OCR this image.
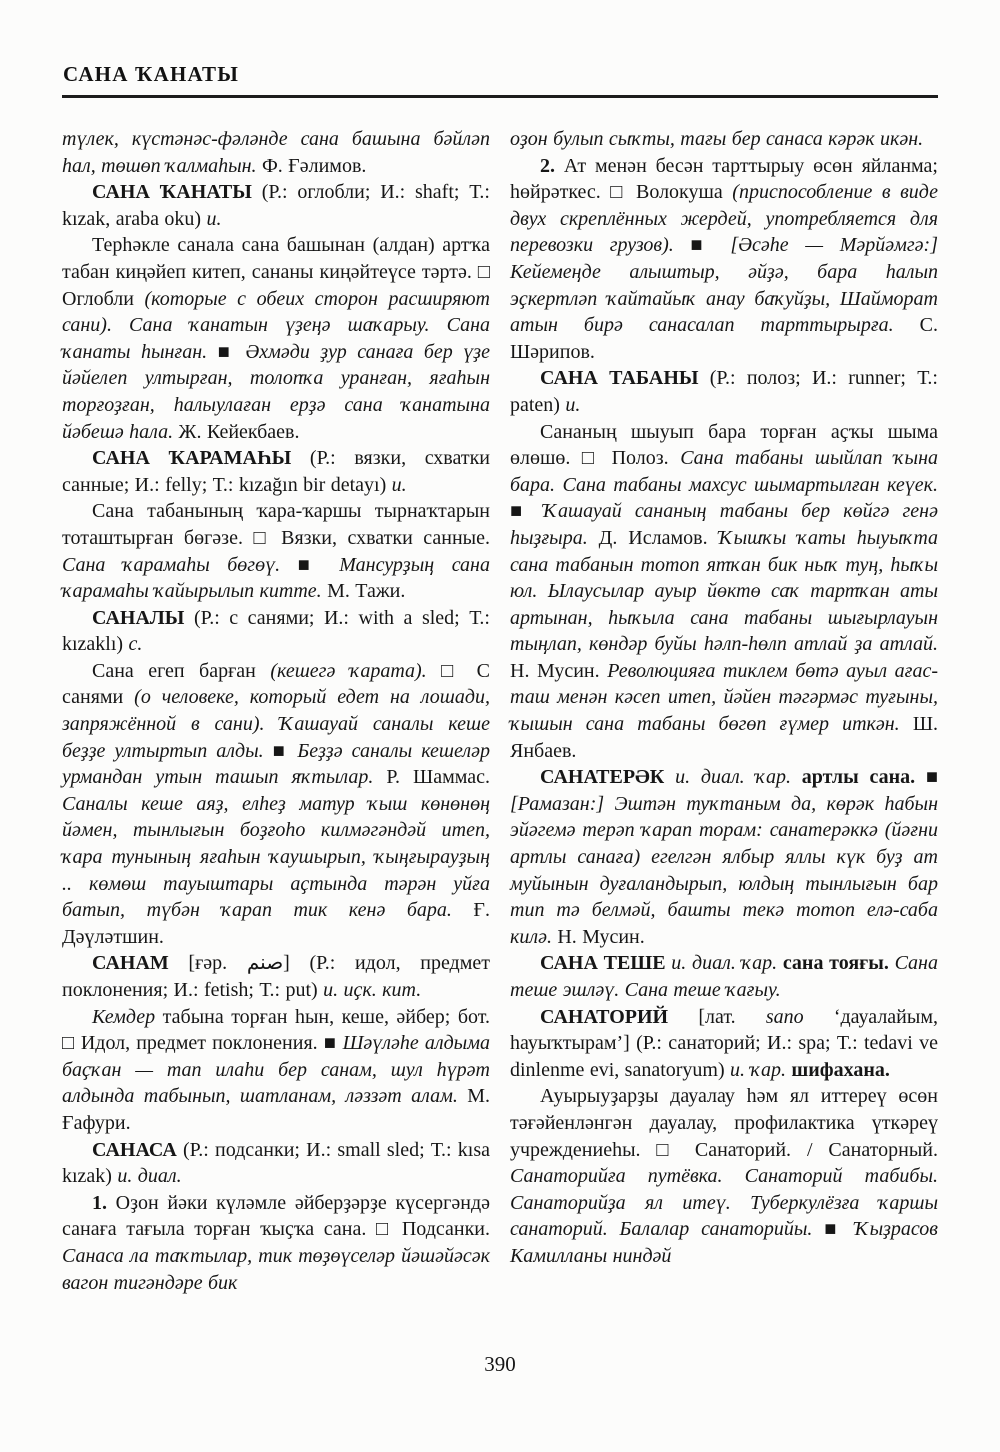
САНА ҠАНАТЫ

түлек, күстәнәс-фәләнде сана башына бәйләп һал, төшөп ҡалмаһын. Ф. Ғәлимов.

САНА ҠАНАТЫ (Р.: оглобли; И.: shaft; Т.: kızak, araba oku) и.

Терһәкле санала сана башынан (алдан) артҡа табан киңәйеп китеп, сананы киңәйтеүсе тәртә. □ Оглобли (которые с обеих сторон расширяют сани). Сана ҡанатын үҙеңә шаҡарыу. Сана ҡанаты һынған. ■ Әхмәди ҙур санаға бер үҙе йәйелеп ултырған, толопҡа уранған, яғаһын торғоҙған, һалыулаған ерҙә сана ҡанатына йәбешә һала. Ж. Кейекбаев.

САНА ҠАРАМАҺЫ (Р.: вязки, схватки санные; И.: felly; Т.: kızağın bir detayı) и.

Сана табанының ҡара-ҡаршы тырнаҡтарын тоташтырған бөгәзе. □ Вязки, схватки санные. Сана ҡарамаһы бөгөү. ■ Мансурҙың сана ҡарамаһы ҡайырылып китте. М. Тажи.

САНАЛЫ (Р.: с санями; И.: with a sled; Т.: kızaklı) с.

Сана егеп барған (кешегә ҡарата). □ С санями (о человеке, который едет на лошади, запряжённой в сани). Ҡашауай саналы кеше беҙҙе ултыртып алды. ■ Беҙҙә саналы кешеләр урмандан утын ташып яҡтылар. Р. Шаммас. Саналы кеше аяҙ, елһеҙ матур ҡыш көнөнөң йәмен, тынлығын боҙғоһо килмәгәндәй итеп, ҡара тунының яғаһын ҡаушырып, ҡыңғырауҙың .. көмөш тауыштары аҫтында тәрән уйға батып, түбән ҡарап тик кенә бара. Ғ. Дәүләтшин.

САНАМ [ғәр. صنم] (Р.: идол, предмет поклонения; И.: fetish; Т.: put) и. иҫк. кит.

Кемдер табына торған һын, кеше, әйбер; бот. □ Идол, предмет поклонения. ■ Шәүләһе алдыма баҫҡан — тап илаһи бер санам, шул һүрәт алдында табынып, шатланам, ләззәт алам. М. Ғафури.

САНАСА (Р.: подсанки; И.: small sled; Т.: kısa kızak) и. диал.

1. Оҙон йәки күләмле әйберҙәрҙе күсергәндә санаға тағыла торған ҡыҫҡа сана. □ Подсанки. Санаса ла таҡтылар, тик төҙөүселәр йәшәйәсәк вагон тигәндәре бик

оҙон булып сыҡты, тағы бер санаса кәрәк икән.

2. Ат менән бесән тарттырыу өсөн яйланма; һөйрәткес. □ Волокуша (приспособление в виде двух скреплённых жердей, употребляется для перевозки грузов). ■ [Әсәһе — Мәрйәмгә:] Кейемеңде алыштыр, әйҙә, бара һалып эҫкертләп ҡайтайыҡ анау баҡуйҙы, Шайморат атын бирә санасалап тарттырырға. С. Шәрипов.

САНА ТАБАНЫ (Р.: полоз; И.: runner; Т.: paten) и.

Сананың шыуып бара торған аҫҡы шыма өлөшө. □ Полоз. Сана табаны шыйлап ҡына бара. Сана табаны махсус шымартылған кеүек. ■ Ҡашауай сананың табаны бер көйгә генә һыҙғыра. Д. Исламов. Ҡышҡы ҡаты һыуыҡта сана табанын тотоп ятҡан бик ныҡ туң, һыҡы юл. Ылаусылар ауыр йөктө саҡ тартҡан аты артынан, һыҡыла сана табаны шығырлауын тыңлап, көндәр буйы һәлп-һөлп атлай ҙа атлай. Н. Мусин. Революцияға тиклем бөтә ауыл ағас-таш менән кәсеп итеп, йәйен тәгәрмәс туғыны, ҡышын сана табаны бөгөп ғүмер иткән. Ш. Янбаев.

САНАТЕРӘК и. диал. ҡар. артлы сана. ■ [Рамазан:] Эштән туҡтаным да, көрәк һабын эйәгемә терәп ҡарап торам: санатерәккә (йәғни артлы санаға) егелгән ялбыр яллы күк буҙ ат муйынын дуғаландырып, юлдың тынлығын бар тип тә белмәй, башты текә тотоп елә-саба килә. Н. Мусин.

САНА ТЕШЕ и. диал. ҡар. сана тояғы. Сана теше эшләү. Сана теше ҡағыу.

САНАТОРИЙ [лат. sano ‘дауалайым, һауыҡтырам’] (Р.: санаторий; И.: spa; Т.: tedavi ve dinlenme evi, sanatoryum) и. ҡар. шифахана.

Ауырыуҙарҙы дауалау һәм ял иттереү өсөн тәғәйенләнгән дауалау, профилактика үткәреү учреждениеһы. □ Санаторий. / Санаторный. Санаторийға путёвка. Санаторий табибы. Санаторийҙа ял итеү. Туберкулёзға ҡаршы санаторий. Балалар санаторийы. ■ Ҡыҙрасов Камилланы ниндәй

390
